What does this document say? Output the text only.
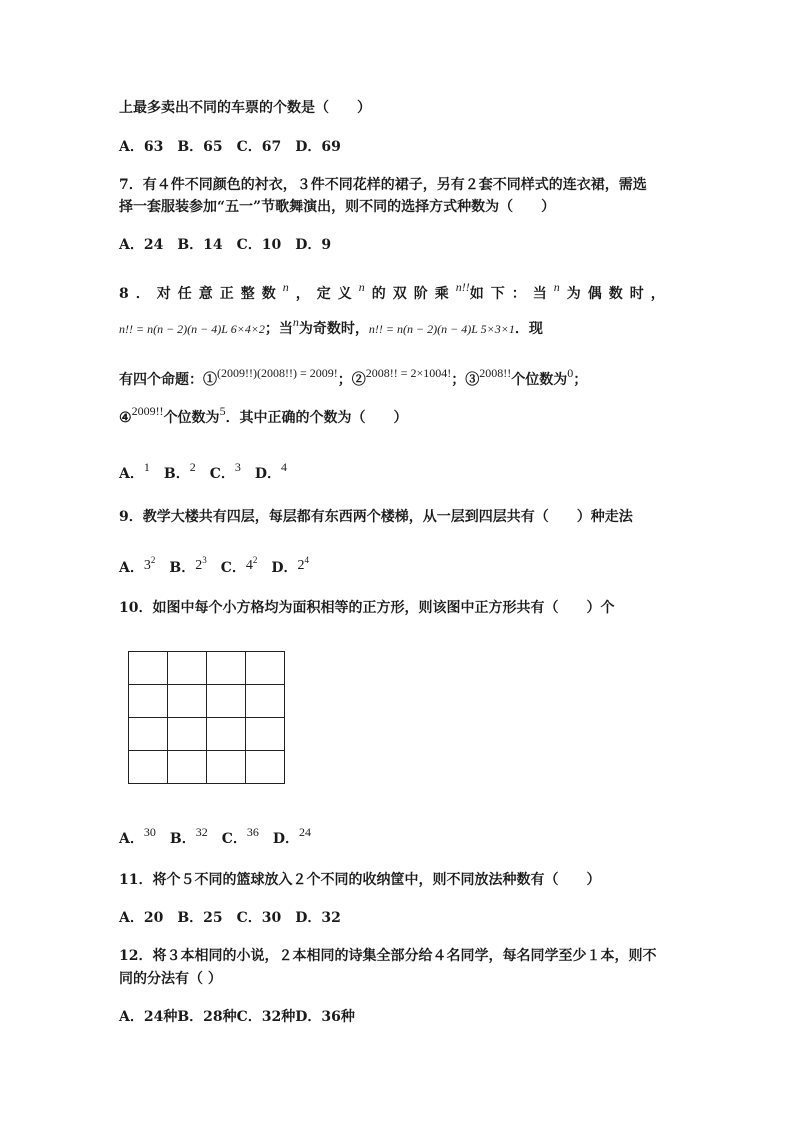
上最多卖出不同的车票的个数是（　　）
A．63　B．65　C．67　D．69
7．有４件不同颜色的衬衣，３件不同花样的裙子，另有２套不同样式的连衣裙，需选
择一套服装参加“五一”节歌舞演出，则不同的选择方式种数为（　　）
A．24　B．14　C．10　D．9
8．对任意正整数n，定义n的双阶乘n!!如下：当n为偶数时，
n!! = n(n − 2)(n − 4)L 6×4×2；当n为奇数时，n!! = n(n − 2)(n − 4)L 5×3×1．现
有四个命题：①(2009!!)(2008!!) = 2009!；②2008!! = 2×1004!；③2008!!个位数为0；
④2009!!个位数为5．其中正确的个数为（　　）
A．1 B．2 C．3 D．4
9．教学大楼共有四层，每层都有东西两个楼梯，从一层到四层共有（　　）种走法
A．$3^2$ B．$2^3$ C．$4^2$ D．$2^4$
10．如图中每个小方格均为面积相等的正方形，则该图中正方形共有（　　）个

A．30 B．32 C．36 D．24
11．将个５不同的篮球放入２个不同的收纳筐中，则不同放法种数有（　　）
A．20　B．25　C．30　D．32
12．将３本相同的小说，２本相同的诗集全部分给４名同学，每名同学至少１本，则不
同的分法有（ ）
A．24种B．28种C．32种D．36种
